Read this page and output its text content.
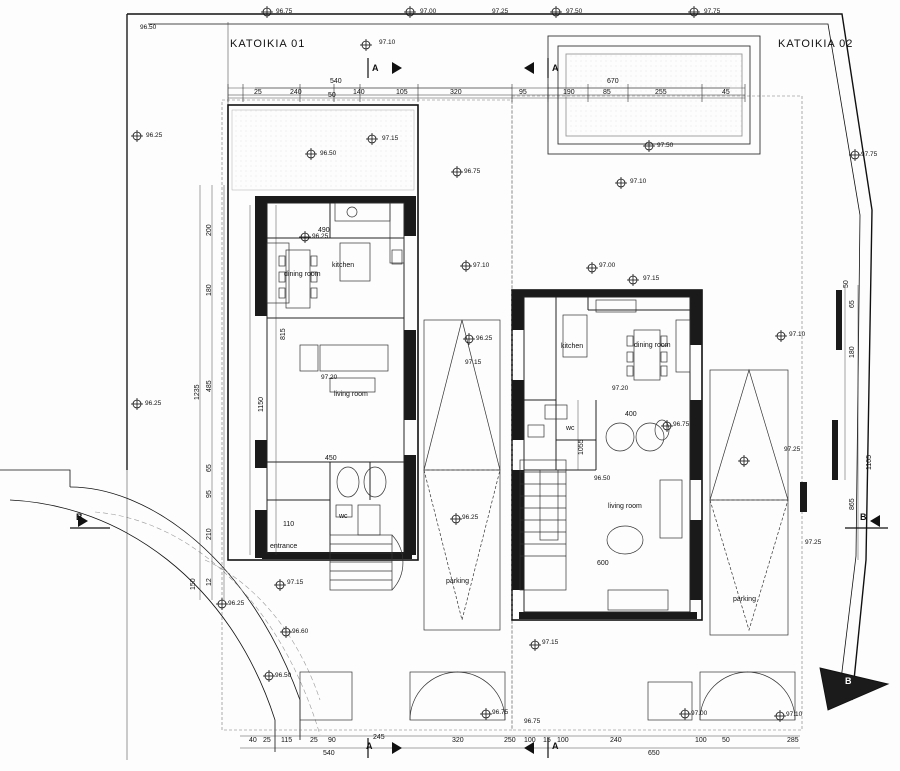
ΚΑΤΟΙΚΙΑ 01	ΚΑΤΟΙΚΙΑ 02
A	A
A	A
B	B
B
kitchen
dining room
living room
wc
entrance
parking
kitchen	dining room
wc
living room
parking
96.50
96.75	97.00	97.25	97.50	97.75
97.10
97.15
96.50
96.25
96.75
97.50
97.10
97.75
96.25
97.10	97.00
97.15
96.25
97.10
97.15
97.20
97.20
96.25
96.75
97.25
96.50
96.25
97.25
97.15
96.25
96.60
97.15
96.50
97.00
96.75
96.75
97.10
540	670
25	240	50 140	105	320	95	190	85	255	45
40 25 115	25 90	245	320	250 100 15 100	240	100 50	285
540	650
490
450
110
400
600
200
180
485
65
95
210
12
150
815
1150
1235
65
180
865
1105
1055
50
